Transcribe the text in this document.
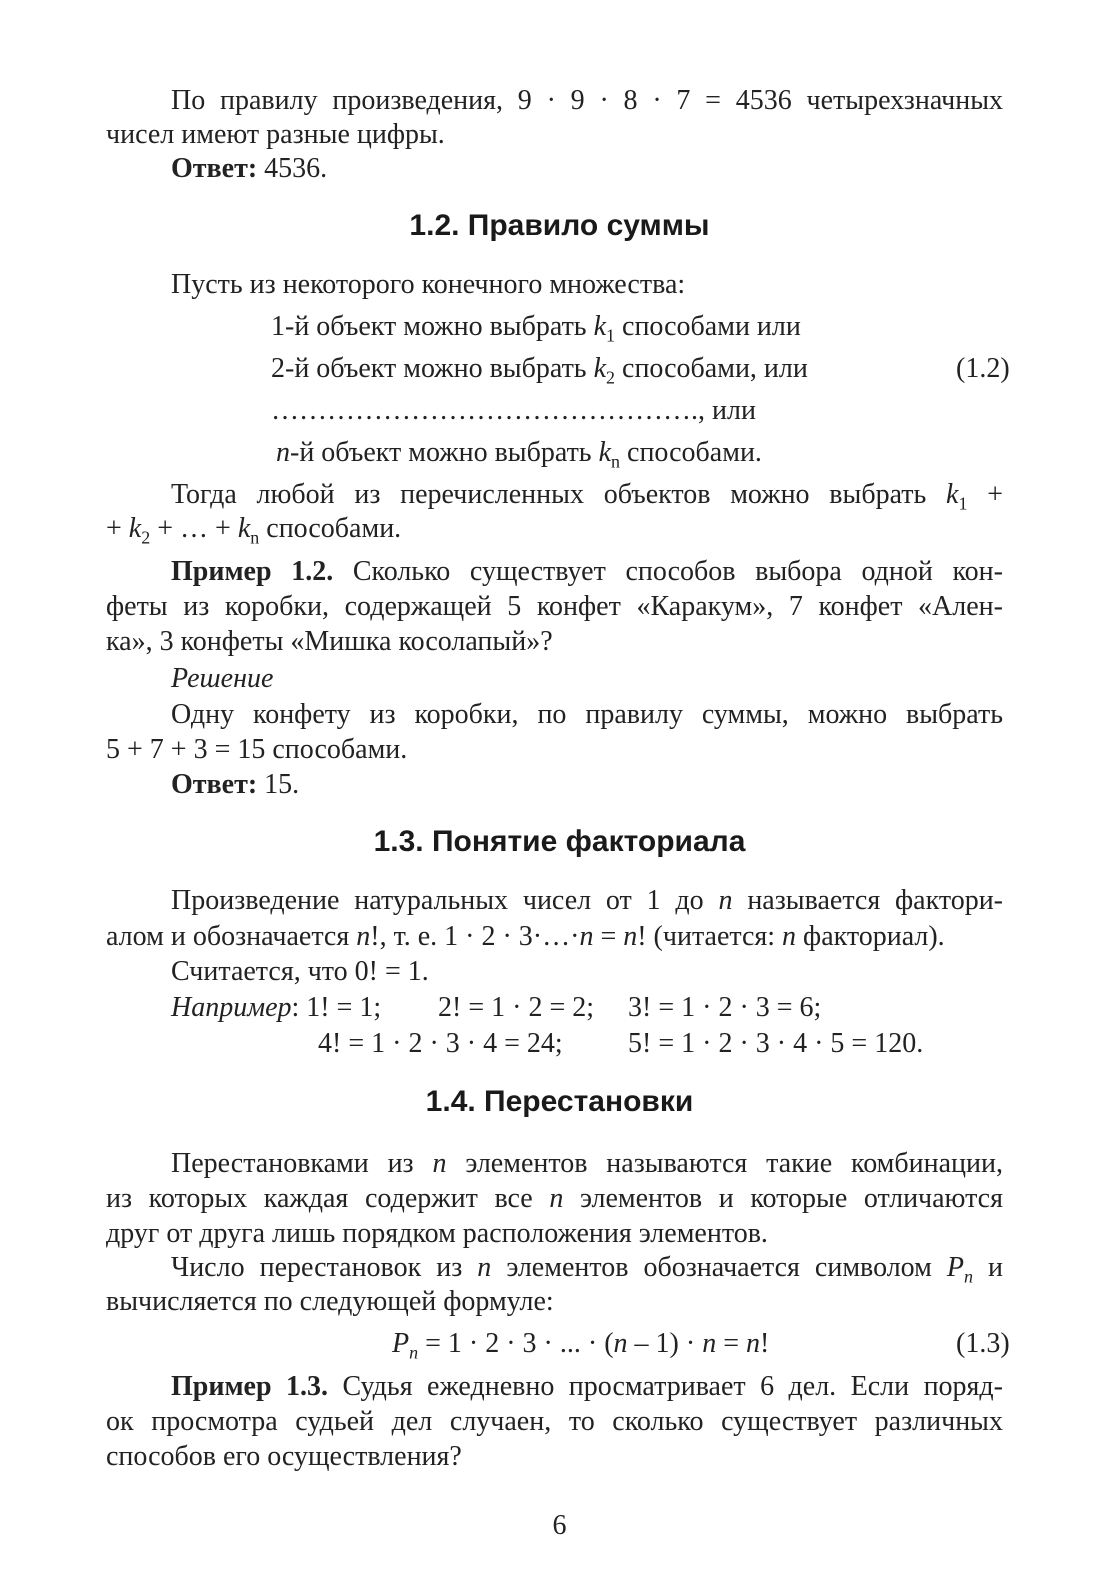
По правилу произведения, 9 · 9 · 8 · 7 = 4536 четырехзначных
чисел имеют разные цифры.
Ответ: 4536.
1.2. Правило суммы
Пусть из некоторого конечного множества:
1-й объект можно выбрать $k_1$ способами или
2-й объект можно выбрать $k_2$ способами, или	(1.2)
………………………………………., или
n-й объект можно выбрать $k_n$ способами.
Тогда любой из перечисленных объектов можно выбрать $k_1$ +
+ $k_2$ + … + $k_n$ способами.
Пример 1.2. Сколько существует способов выбора одной кон-
феты из коробки, содержащей 5 конфет «Каракум», 7 конфет «Ален-
ка», 3 конфеты «Мишка косолапый»?
Решение
Одну конфету из коробки, по правилу суммы, можно выбрать
5 + 7 + 3 = 15 способами.
Ответ: 15.
1.3. Понятие факториала
Произведение натуральных чисел от 1 до n называется фактори-
алом и обозначается n!, т. е. 1 · 2 · 3·…·n = n! (читается: n факториал).
Считается, что 0! = 1.
Например: 1! = 1; 2! = 1 · 2 = 2; 3! = 1 · 2 · 3 = 6;
4! = 1 · 2 · 3 · 4 = 24; 5! = 1 · 2 · 3 · 4 · 5 = 120.
1.4. Перестановки
Перестановками из n элементов называются такие комбинации,
из которых каждая содержит все n элементов и которые отличаются
друг от друга лишь порядком расположения элементов.
Число перестановок из n элементов обозначается символом $P_n$ и
вычисляется по следующей формуле:
$P_n = 1 \cdot 2 \cdot 3$ · ... · (n – 1) · n = n!	(1.3)
Пример 1.3. Судья ежедневно просматривает 6 дел. Если поряд-
ок просмотра судьей дел случаен, то сколько существует различных
способов его осуществления?
6
